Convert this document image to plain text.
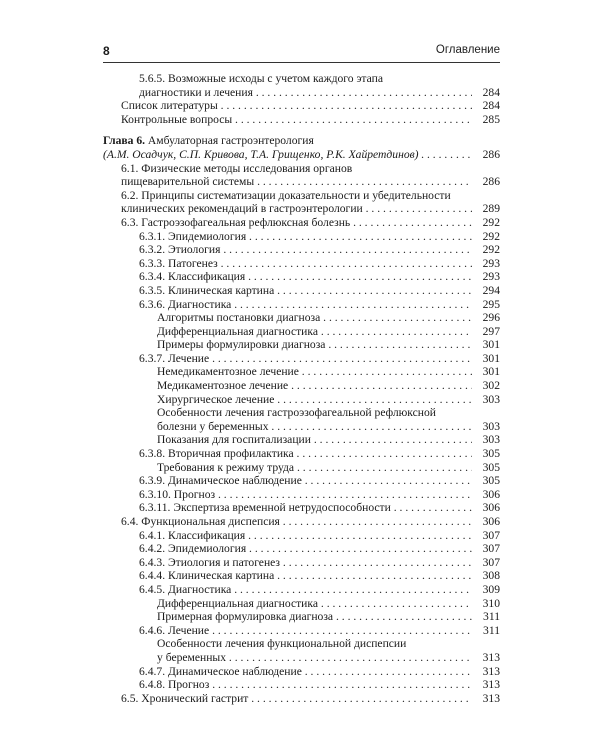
8	Оглавление
5.6.5. Возможные исходы с учетом каждого этапа
диагностики и лечения . . .	284
Список литературы . . .	284
Контрольные вопросы . . .	285
Глава 6. Амбулаторная гастроэнтерология
(А.М. Осадчук, С.П. Кривова, Т.А. Грищенко, Р.К. Хайретдинов) . . .	286
6.1. Физические методы исследования органов
пищеварительной системы . . .	286
6.2. Принципы систематизации доказательности и убедительности
клинических рекомендаций в гастроэнтерологии . . .	289
6.3. Гастроэзофагеальная рефлюксная болезнь . . .	292
6.3.1. Эпидемиология . . .	292
6.3.2. Этиология . . .	292
6.3.3. Патогенез . . .	293
6.3.4. Классификация . . .	293
6.3.5. Клиническая картина . . .	294
6.3.6. Диагностика . . .	295
Алгоритмы постановки диагноза . . .	296
Дифференциальная диагностика . . .	297
Примеры формулировки диагноза . . .	301
6.3.7. Лечение . . .	301
Немедикаментозное лечение . . .	301
Медикаментозное лечение . . .	302
Хирургическое лечение . . .	303
Особенности лечения гастроэзофагеальной рефлюксной
болезни у беременных . . .	303
Показания для госпитализации . . .	303
6.3.8. Вторичная профилактика . . .	305
Требования к режиму труда . . .	305
6.3.9. Динамическое наблюдение . . .	305
6.3.10. Прогноз . . .	306
6.3.11. Экспертиза временной нетрудоспособности . . .	306
6.4. Функциональная диспепсия . . .	306
6.4.1. Классификация . . .	307
6.4.2. Эпидемиология . . .	307
6.4.3. Этиология и патогенез . . .	307
6.4.4. Клиническая картина . . .	308
6.4.5. Диагностика . . .	309
Дифференциальная диагностика . . .	310
Примерная формулировка диагноза . . .	311
6.4.6. Лечение . . .	311
Особенности лечения функциональной диспепсии
у беременных . . .	313
6.4.7. Динамическое наблюдение . . .	313
6.4.8. Прогноз . . .	313
6.5. Хронический гастрит . . .	313
